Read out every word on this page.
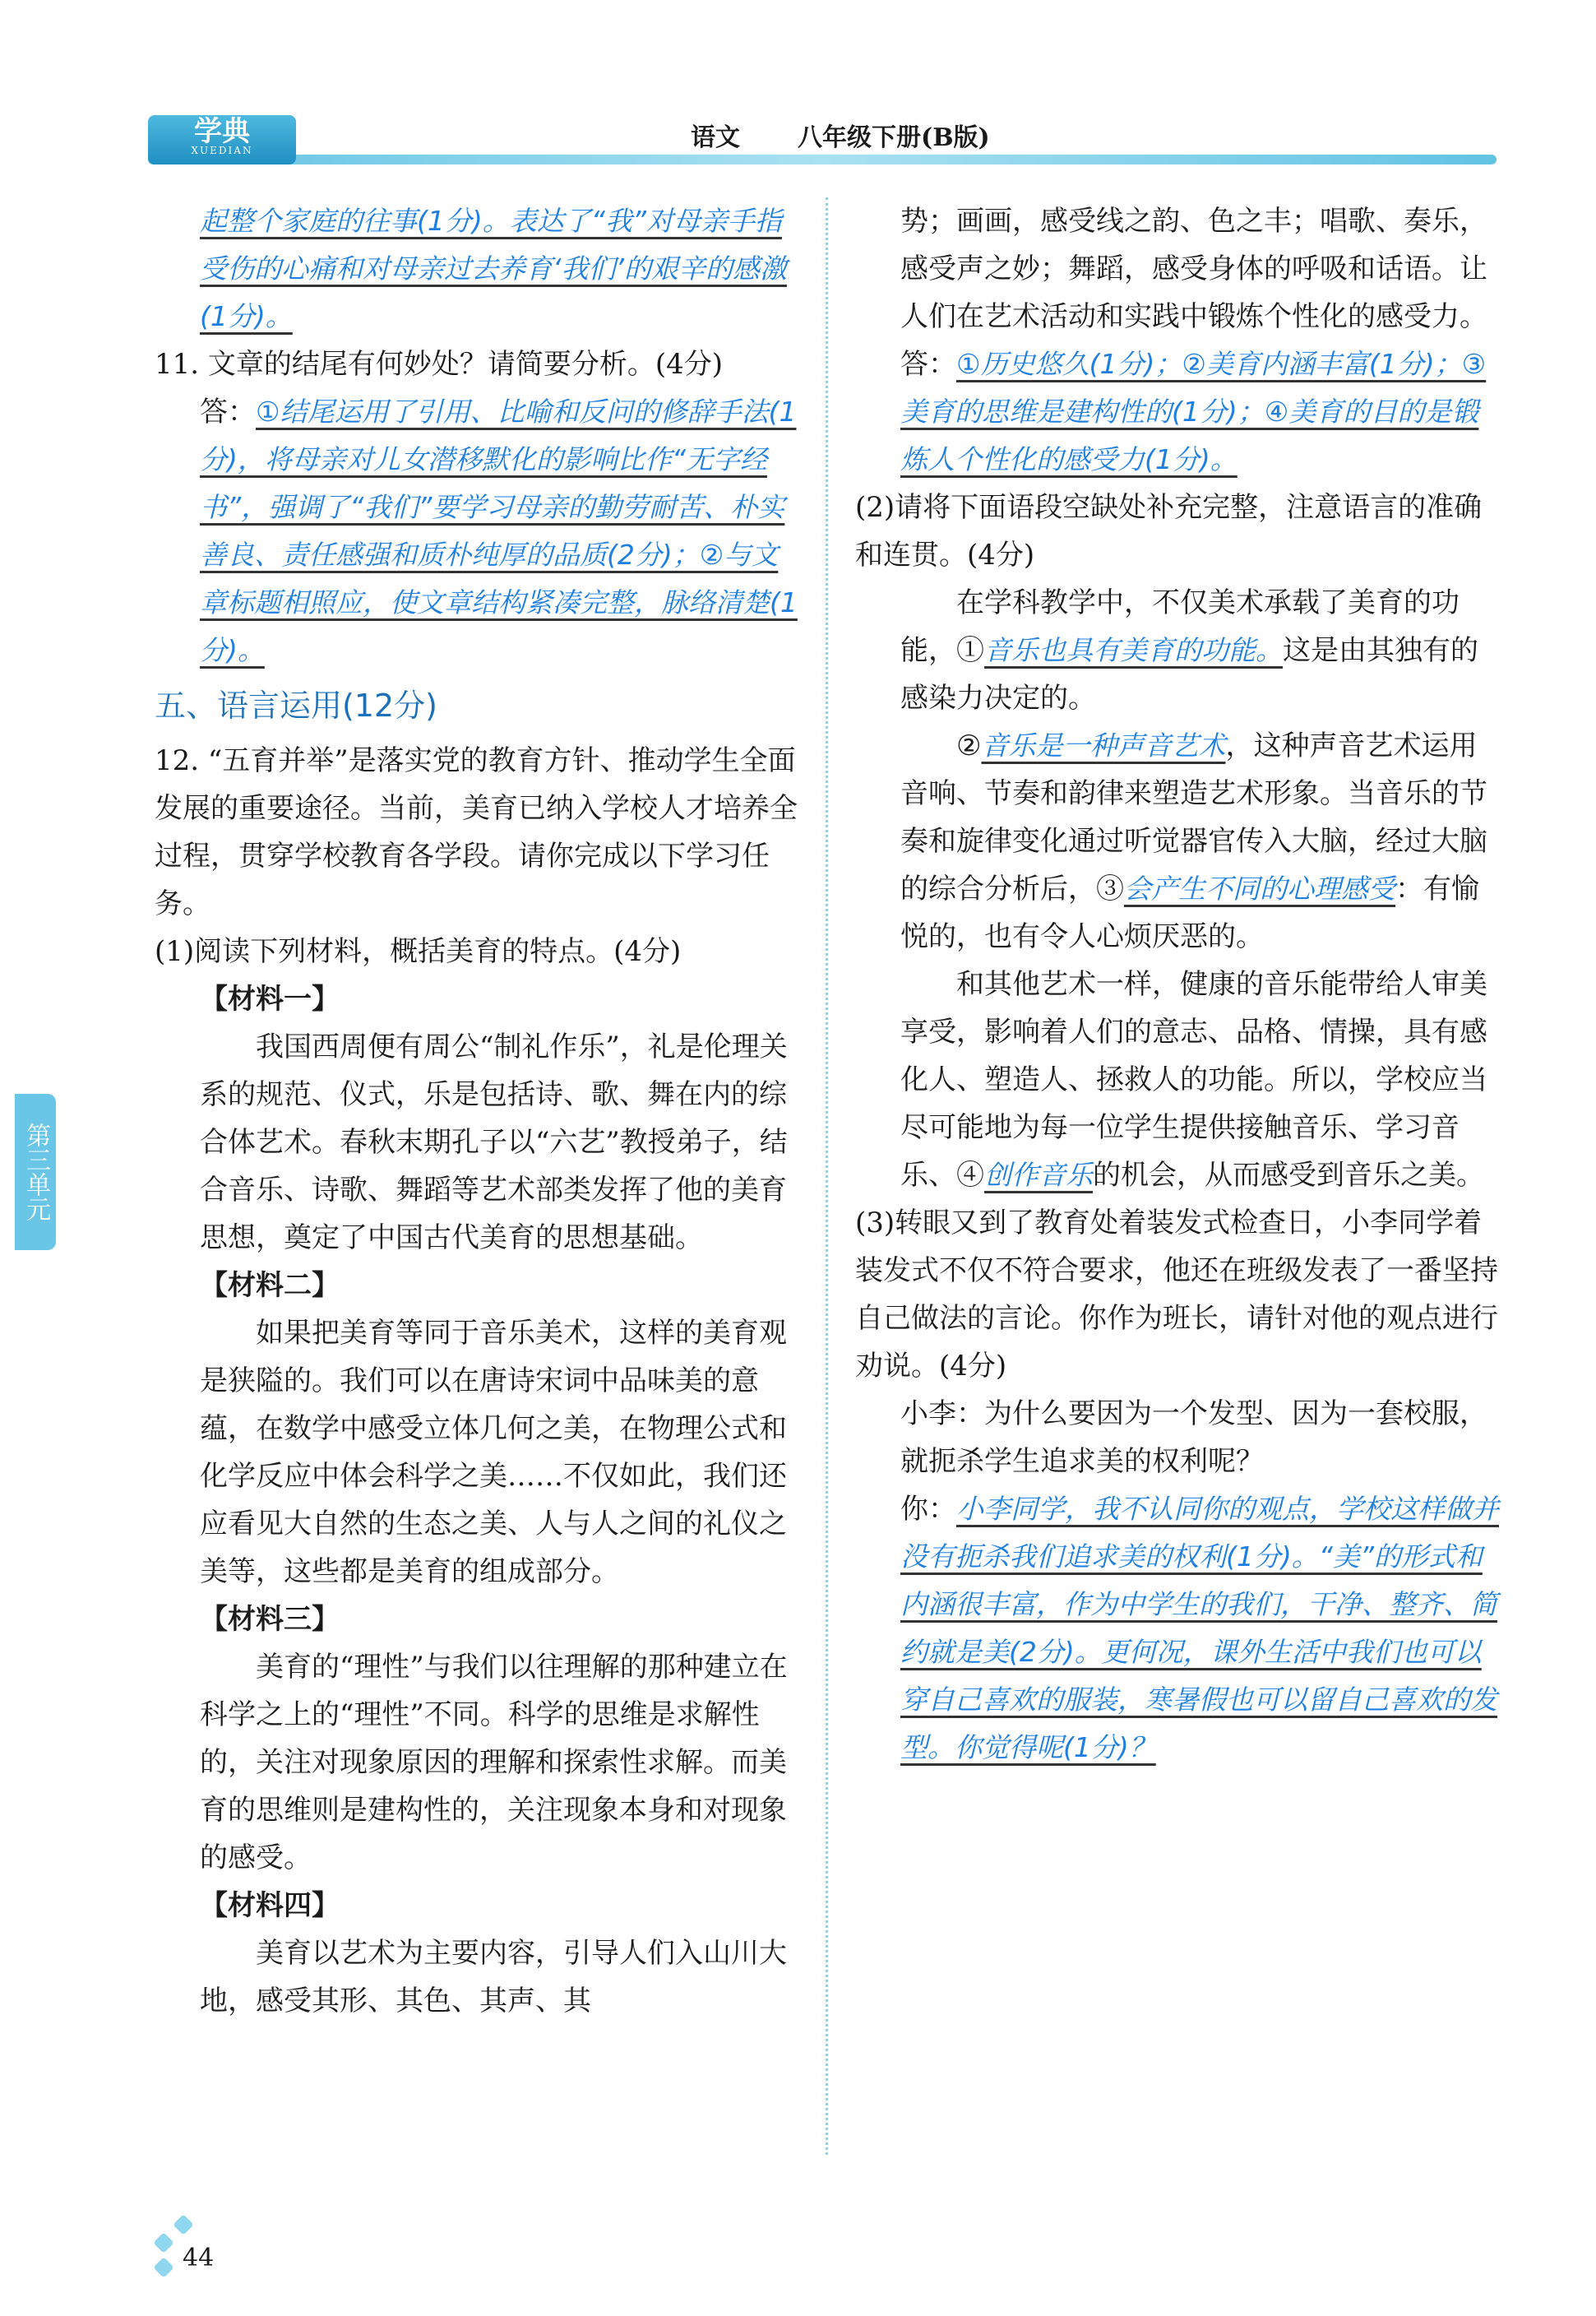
学典
XUEDIAN	语文 八年级下册(B版)
第三单元

起整个家庭的往事(1分)。表达了“我”对母亲手指受伤的心痛和对母亲过去养育‘我们’的艰辛的感激(1分)。

11. 文章的结尾有何妙处？请简要分析。(4分)

答：①结尾运用了引用、比喻和反问的修辞手法(1分)，将母亲对儿女潜移默化的影响比作“无字经书”，强调了“我们”要学习母亲的勤劳耐苦、朴实善良、责任感强和质朴纯厚的品质(2分)；②与文章标题相照应，使文章结构紧凑完整，脉络清楚(1分)。

五、语言运用(12分)

12. “五育并举”是落实党的教育方针、推动学生全面发展的重要途径。当前，美育已纳入学校人才培养全过程，贯穿学校教育各学段。请你完成以下学习任务。

(1)阅读下列材料，概括美育的特点。(4分)

【材料一】

我国西周便有周公“制礼作乐”，礼是伦理关系的规范、仪式，乐是包括诗、歌、舞在内的综合体艺术。春秋末期孔子以“六艺”教授弟子，结合音乐、诗歌、舞蹈等艺术部类发挥了他的美育思想，奠定了中国古代美育的思想基础。

【材料二】

如果把美育等同于音乐美术，这样的美育观是狭隘的。我们可以在唐诗宋词中品味美的意蕴，在数学中感受立体几何之美，在物理公式和化学反应中体会科学之美……不仅如此，我们还应看见大自然的生态之美、人与人之间的礼仪之美等，这些都是美育的组成部分。

【材料三】

美育的“理性”与我们以往理解的那种建立在科学之上的“理性”不同。科学的思维是求解性的，关注对现象原因的理解和探索性求解。而美育的思维则是建构性的，关注现象本身和对现象的感受。

【材料四】

美育以艺术为主要内容，引导人们入山川大地，感受其形、其色、其声、其

势；画画，感受线之韵、色之丰；唱歌、奏乐，感受声之妙；舞蹈，感受身体的呼吸和话语。让人们在艺术活动和实践中锻炼个性化的感受力。

答：①历史悠久(1分)；②美育内涵丰富(1分)；③美育的思维是建构性的(1分)；④美育的目的是锻炼人个性化的感受力(1分)。

(2)请将下面语段空缺处补充完整，注意语言的准确和连贯。(4分)

在学科教学中，不仅美术承载了美育的功能，①音乐也具有美育的功能。这是由其独有的感染力决定的。

②音乐是一种声音艺术，这种声音艺术运用音响、节奏和韵律来塑造艺术形象。当音乐的节奏和旋律变化通过听觉器官传入大脑，经过大脑的综合分析后，③会产生不同的心理感受：有愉悦的，也有令人心烦厌恶的。

和其他艺术一样，健康的音乐能带给人审美享受，影响着人们的意志、品格、情操，具有感化人、塑造人、拯救人的功能。所以，学校应当尽可能地为每一位学生提供接触音乐、学习音乐、④创作音乐的机会，从而感受到音乐之美。

(3)转眼又到了教育处着装发式检查日，小李同学着装发式不仅不符合要求，他还在班级发表了一番坚持自己做法的言论。你作为班长，请针对他的观点进行劝说。(4分)

小李：为什么要因为一个发型、因为一套校服，就扼杀学生追求美的权利呢？

你：小李同学，我不认同你的观点，学校这样做并没有扼杀我们追求美的权利(1分)。“美”的形式和内涵很丰富，作为中学生的我们，干净、整齐、简约就是美(2分)。更何况，课外生活中我们也可以穿自己喜欢的服装，寒暑假也可以留自己喜欢的发型。你觉得呢(1分)？

44
